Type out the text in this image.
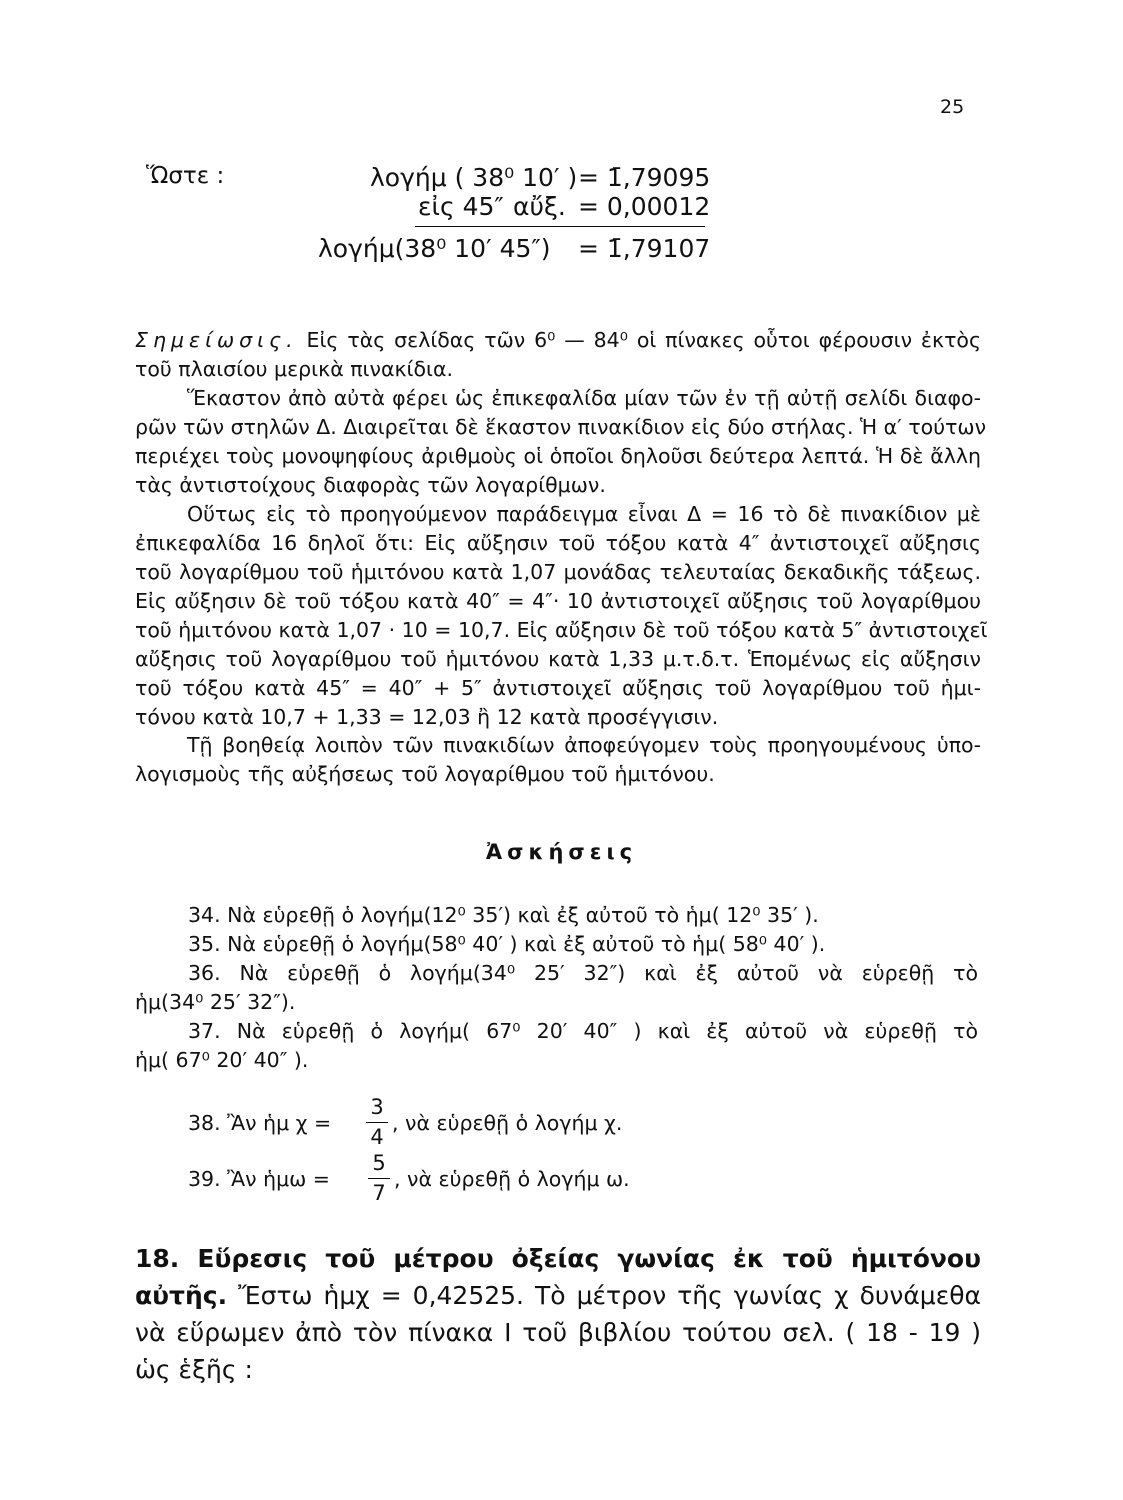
25
Ὥστε :	λογήμ ( 38⁰ 10′ ) = 1̄,79095
εἰς 45″ αὔξ. = 0,00012
λογήμ(38⁰ 10′ 45″) = 1̄,79107
Σημείωσις. Εἰς τὰς σελίδας τῶν 6⁰ — 84⁰ οἱ πίνακες οὗτοι φέρουσιν ἐκτὸς
τοῦ πλαισίου μερικὰ πινακίδια.
Ἕκαστον ἀπὸ αὐτὰ φέρει ὡς ἐπικεφαλίδα μίαν τῶν ἐν τῇ αὐτῇ σελίδι διαφο-
ρῶν τῶν στηλῶν Δ. Διαιρεῖται δὲ ἕκαστον πινακίδιον εἰς δύο στήλας. Ἡ α′ τούτων
περιέχει τοὺς μονοψηφίους ἀριθμοὺς οἱ ὁποῖοι δηλοῦσι δεύτερα λεπτά. Ἡ δὲ ἄλλη
τὰς ἀντιστοίχους διαφορὰς τῶν λογαρίθμων.
Οὕτως εἰς τὸ προηγούμενον παράδειγμα εἶναι Δ = 16 τὸ δὲ πινακίδιον μὲ
ἐπικεφαλίδα 16 δηλοῖ ὅτι: Εἰς αὔξησιν τοῦ τόξου κατὰ 4″ ἀντιστοιχεῖ αὔξησις
τοῦ λογαρίθμου τοῦ ἡμιτόνου κατὰ 1,07 μονάδας τελευταίας δεκαδικῆς τάξεως.
Εἰς αὔξησιν δὲ τοῦ τόξου κατὰ 40″ = 4″· 10 ἀντιστοιχεῖ αὔξησις τοῦ λογαρίθμου
τοῦ ἡμιτόνου κατὰ 1,07 · 10 = 10,7. Εἰς αὔξησιν δὲ τοῦ τόξου κατὰ 5″ ἀντιστοιχεῖ
αὔξησις τοῦ λογαρίθμου τοῦ ἡμιτόνου κατὰ 1,33 μ.τ.δ.τ. Ἑπομένως εἰς αὔξησιν
τοῦ τόξου κατὰ 45″ = 40″ + 5″ ἀντιστοιχεῖ αὔξησις τοῦ λογαρίθμου τοῦ ἡμι-
τόνου κατὰ 10,7 + 1,33 = 12,03 ἢ 12 κατὰ προσέγγισιν.
Τῇ βοηθείᾳ λοιπὸν τῶν πινακιδίων ἀποφεύγομεν τοὺς προηγουμένους ὑπο-
λογισμοὺς τῆς αὐξήσεως τοῦ λογαρίθμου τοῦ ἡμιτόνου.
Ἀσκήσεις
34. Νὰ εὑρεθῇ ὁ λογήμ(12⁰ 35′) καὶ ἐξ αὐτοῦ τὸ ἡμ( 12⁰ 35′ ).
35. Νὰ εὑρεθῇ ὁ λογήμ(58⁰ 40′ ) καὶ ἐξ αὐτοῦ τὸ ἡμ( 58⁰ 40′ ).
36. Νὰ εὑρεθῇ ὁ λογήμ(34⁰ 25′ 32″) καὶ ἐξ αὐτοῦ νὰ εὑρεθῇ τὸ
ἡμ(34⁰ 25′ 32″).
37. Νὰ εὑρεθῇ ὁ λογήμ( 67⁰ 20′ 40″ ) καὶ ἐξ αὐτοῦ νὰ εὑρεθῇ τὸ
ἡμ( 67⁰ 20′ 40″ ).
38. Ἂν ἡμ χ =
3
4
, νὰ εὑρεθῇ ὁ λογήμ χ.
39. Ἂν ἡμω =
5
7
, νὰ εὑρεθῇ ὁ λογήμ ω.
18. Εὕρεσις τοῦ μέτρου ὀξείας γωνίας ἐκ τοῦ ἡμιτόνου
αὐτῆς. Ἔστω ἡμχ = 0,42525. Τὸ μέτρον τῆς γωνίας χ δυνάμεθα
νὰ εὕρωμεν ἀπὸ τὸν πίνακα Ι τοῦ βιβλίου τούτου σελ. ( 18 - 19 )
ὡς ἑξῆς :
